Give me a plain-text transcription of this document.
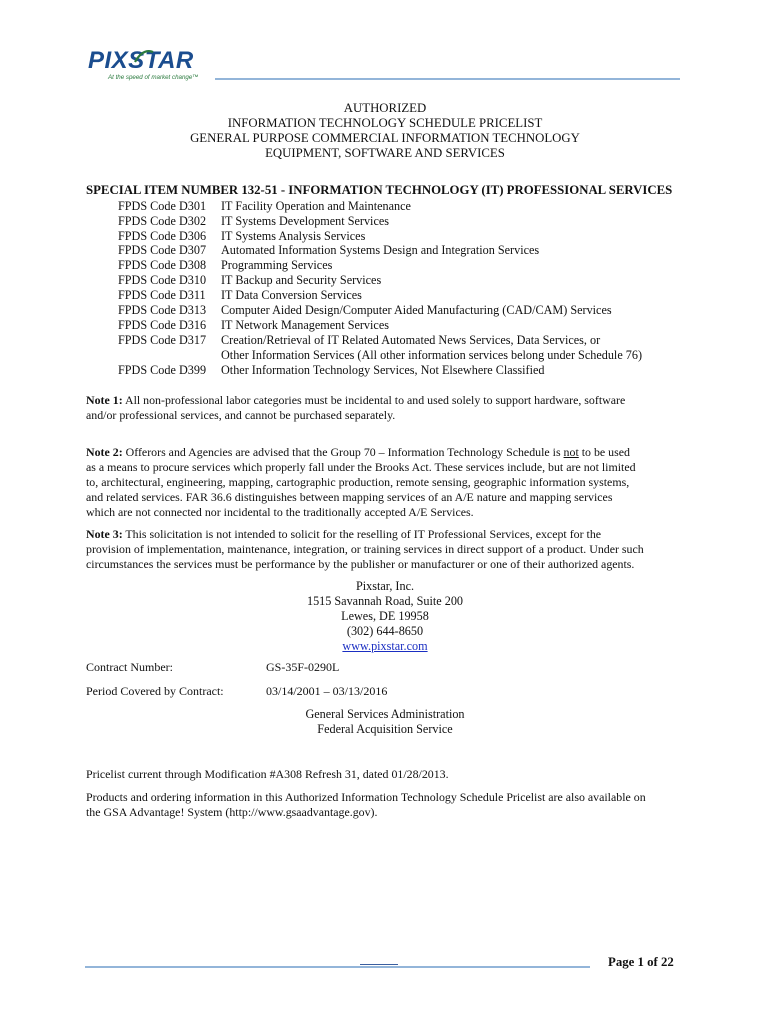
PIXSTAR
At the speed of market change™
AUTHORIZED
INFORMATION TECHNOLOGY SCHEDULE PRICELIST
GENERAL PURPOSE COMMERCIAL INFORMATION TECHNOLOGY
EQUIPMENT, SOFTWARE AND SERVICES
SPECIAL ITEM NUMBER 132-51 - INFORMATION TECHNOLOGY (IT) PROFESSIONAL SERVICES
FPDS Code D301 IT Facility Operation and Maintenance
FPDS Code D302 IT Systems Development Services
FPDS Code D306 IT Systems Analysis Services
FPDS Code D307 Automated Information Systems Design and Integration Services
FPDS Code D308 Programming Services
FPDS Code D310 IT Backup and Security Services
FPDS Code D311 IT Data Conversion Services
FPDS Code D313 Computer Aided Design/Computer Aided Manufacturing (CAD/CAM) Services
FPDS Code D316 IT Network Management Services
FPDS Code D317 Creation/Retrieval of IT Related Automated News Services, Data Services, or
Other Information Services (All other information services belong under Schedule 76)
FPDS Code D399 Other Information Technology Services, Not Elsewhere Classified
Note 1: All non-professional labor categories must be incidental to and used solely to support hardware, software
and/or professional services, and cannot be purchased separately.
Note 2: Offerors and Agencies are advised that the Group 70 – Information Technology Schedule is not to be used
as a means to procure services which properly fall under the Brooks Act. These services include, but are not limited
to, architectural, engineering, mapping, cartographic production, remote sensing, geographic information systems,
and related services. FAR 36.6 distinguishes between mapping services of an A/E nature and mapping services
which are not connected nor incidental to the traditionally accepted A/E Services.
Note 3: This solicitation is not intended to solicit for the reselling of IT Professional Services, except for the
provision of implementation, maintenance, integration, or training services in direct support of a product. Under such
circumstances the services must be performance by the publisher or manufacturer or one of their authorized agents.
Pixstar, Inc.
1515 Savannah Road, Suite 200
Lewes, DE 19958
(302) 644-8650
www.pixstar.com
Contract Number:	GS-35F-0290L
Period Covered by Contract:	03/14/2001 – 03/13/2016
General Services Administration
Federal Acquisition Service
Pricelist current through Modification #A308 Refresh 31, dated 01/28/2013.
Products and ordering information in this Authorized Information Technology Schedule Pricelist are also available on
the GSA Advantage! System (http://www.gsaadvantage.gov).
Page 1 of 22
